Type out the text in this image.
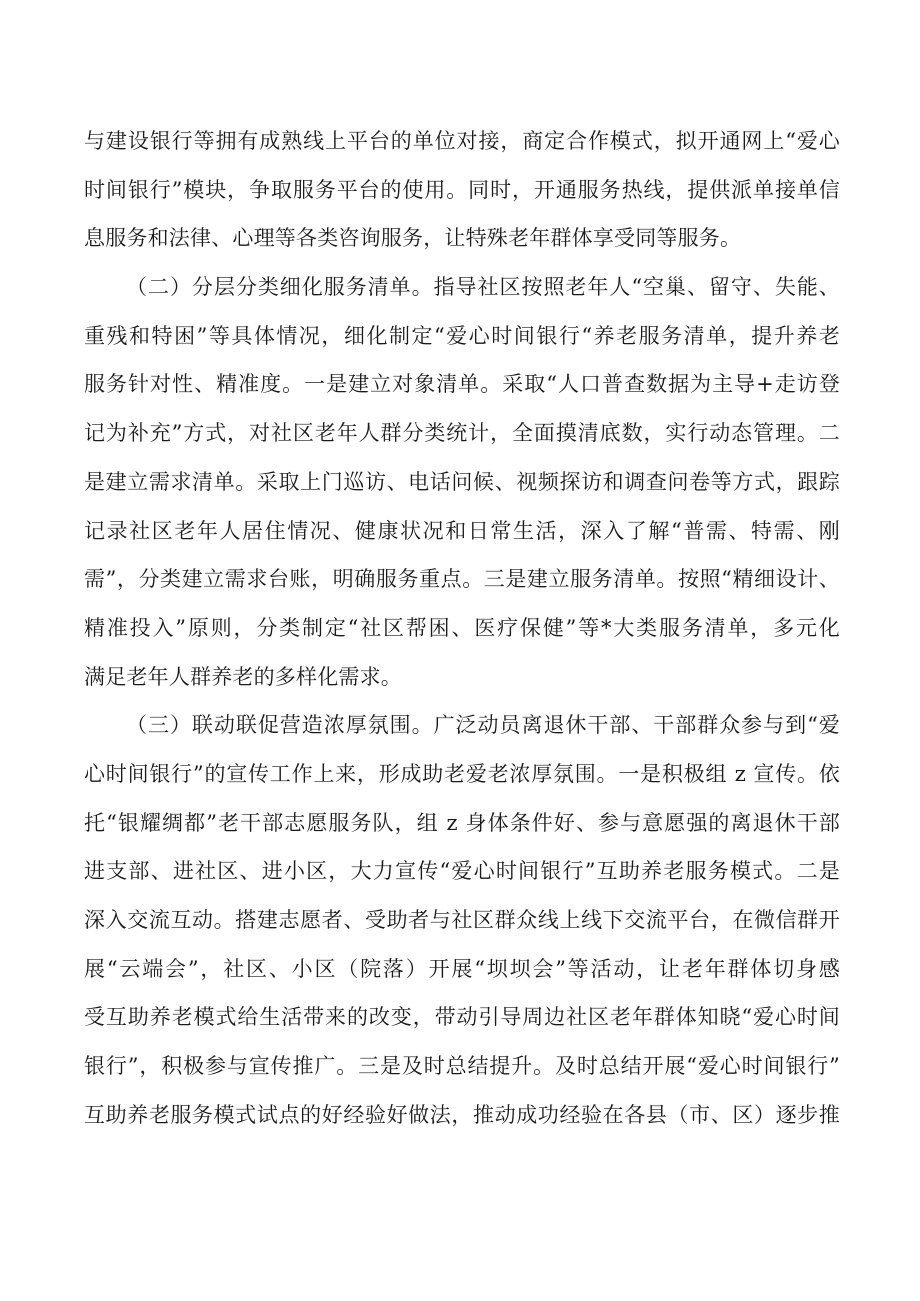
与建设银行等拥有成熟线上平台的单位对接，商定合作模式，拟开通网上“爱心
时间银行”模块，争取服务平台的使用。同时，开通服务热线，提供派单接单信
息服务和法律、心理等各类咨询服务，让特殊老年群体享受同等服务。
（二）分层分类细化服务清单。指导社区按照老年人“空巢、留守、失能、
重残和特困”等具体情况，细化制定“爱心时间银行“养老服务清单，提升养老
服务针对性、精准度。一是建立对象清单。采取“人口普查数据为主导+走访登
记为补充”方式，对社区老年人群分类统计，全面摸清底数，实行动态管理。二
是建立需求清单。采取上门巡访、电话问候、视频探访和调查问卷等方式，跟踪
记录社区老年人居住情况、健康状况和日常生活，深入了解“普需、特需、刚
需”，分类建立需求台账，明确服务重点。三是建立服务清单。按照“精细设计、
精准投入”原则，分类制定“社区帮困、医疗保健”等*大类服务清单，多元化
满足老年人群养老的多样化需求。
（三）联动联促营造浓厚氛围。广泛动员离退休干部、干部群众参与到“爱
心时间银行”的宣传工作上来，形成助老爱老浓厚氛围。一是积极组 z 宣传。依
托“银耀绸都”老干部志愿服务队，组 z 身体条件好、参与意愿强的离退休干部
进支部、进社区、进小区，大力宣传“爱心时间银行”互助养老服务模式。二是
深入交流互动。搭建志愿者、受助者与社区群众线上线下交流平台，在微信群开
展“云端会”，社区、小区（院落）开展“坝坝会”等活动，让老年群体切身感
受互助养老模式给生活带来的改变，带动引导周边社区老年群体知晓“爱心时间
银行”，积极参与宣传推广。三是及时总结提升。及时总结开展“爱心时间银行”
互助养老服务模式试点的好经验好做法，推动成功经验在各县（市、区）逐步推
